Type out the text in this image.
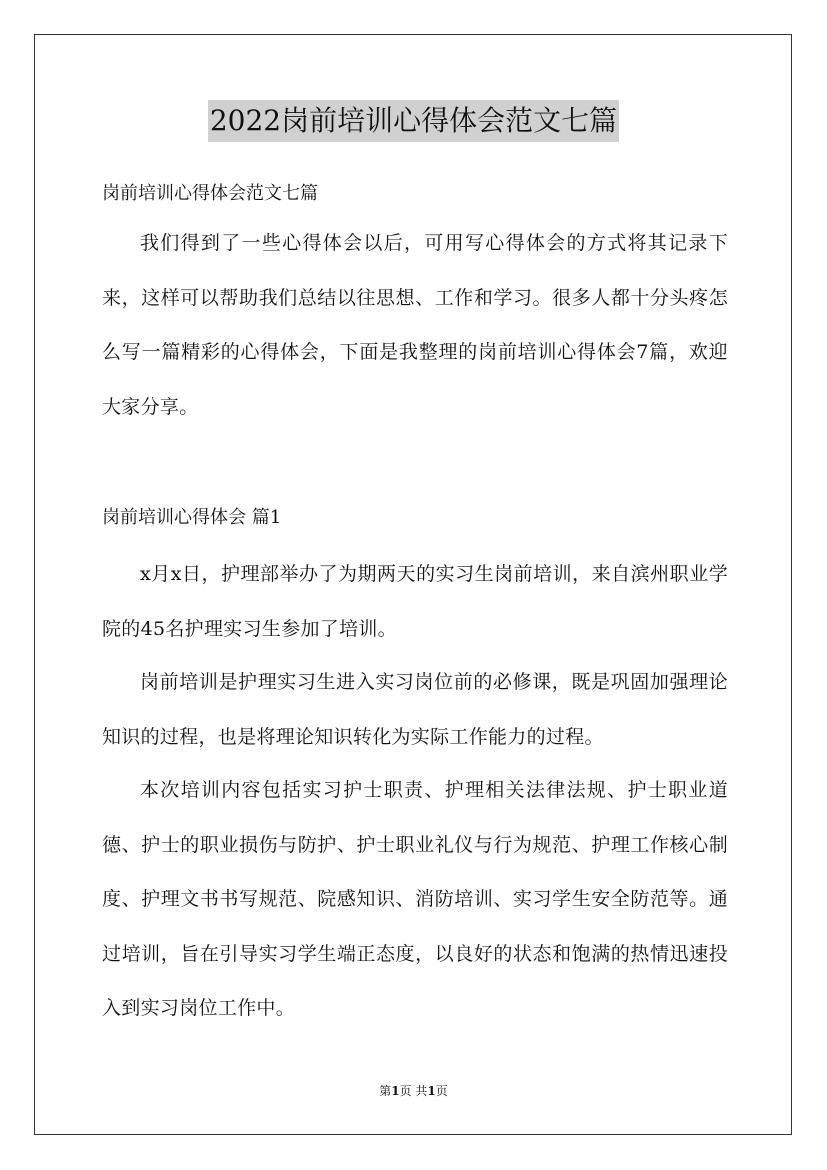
2022岗前培训心得体会范文七篇
岗前培训心得体会范文七篇
我们得到了一些心得体会以后，可用写心得体会的方式将其记录下来，这样可以帮助我们总结以往思想、工作和学习。很多人都十分头疼怎么写一篇精彩的心得体会，下面是我整理的岗前培训心得体会7篇，欢迎大家分享。
岗前培训心得体会 篇1
x月x日，护理部举办了为期两天的实习生岗前培训，来自滨州职业学院的45名护理实习生参加了培训。
岗前培训是护理实习生进入实习岗位前的必修课，既是巩固加强理论知识的过程，也是将理论知识转化为实际工作能力的过程。
本次培训内容包括实习护士职责、护理相关法律法规、护士职业道德、护士的职业损伤与防护、护士职业礼仪与行为规范、护理工作核心制度、护理文书书写规范、院感知识、消防培训、实习学生安全防范等。通过培训，旨在引导实习学生端正态度，以良好的状态和饱满的热情迅速投入到实习岗位工作中。
第1页 共1页
